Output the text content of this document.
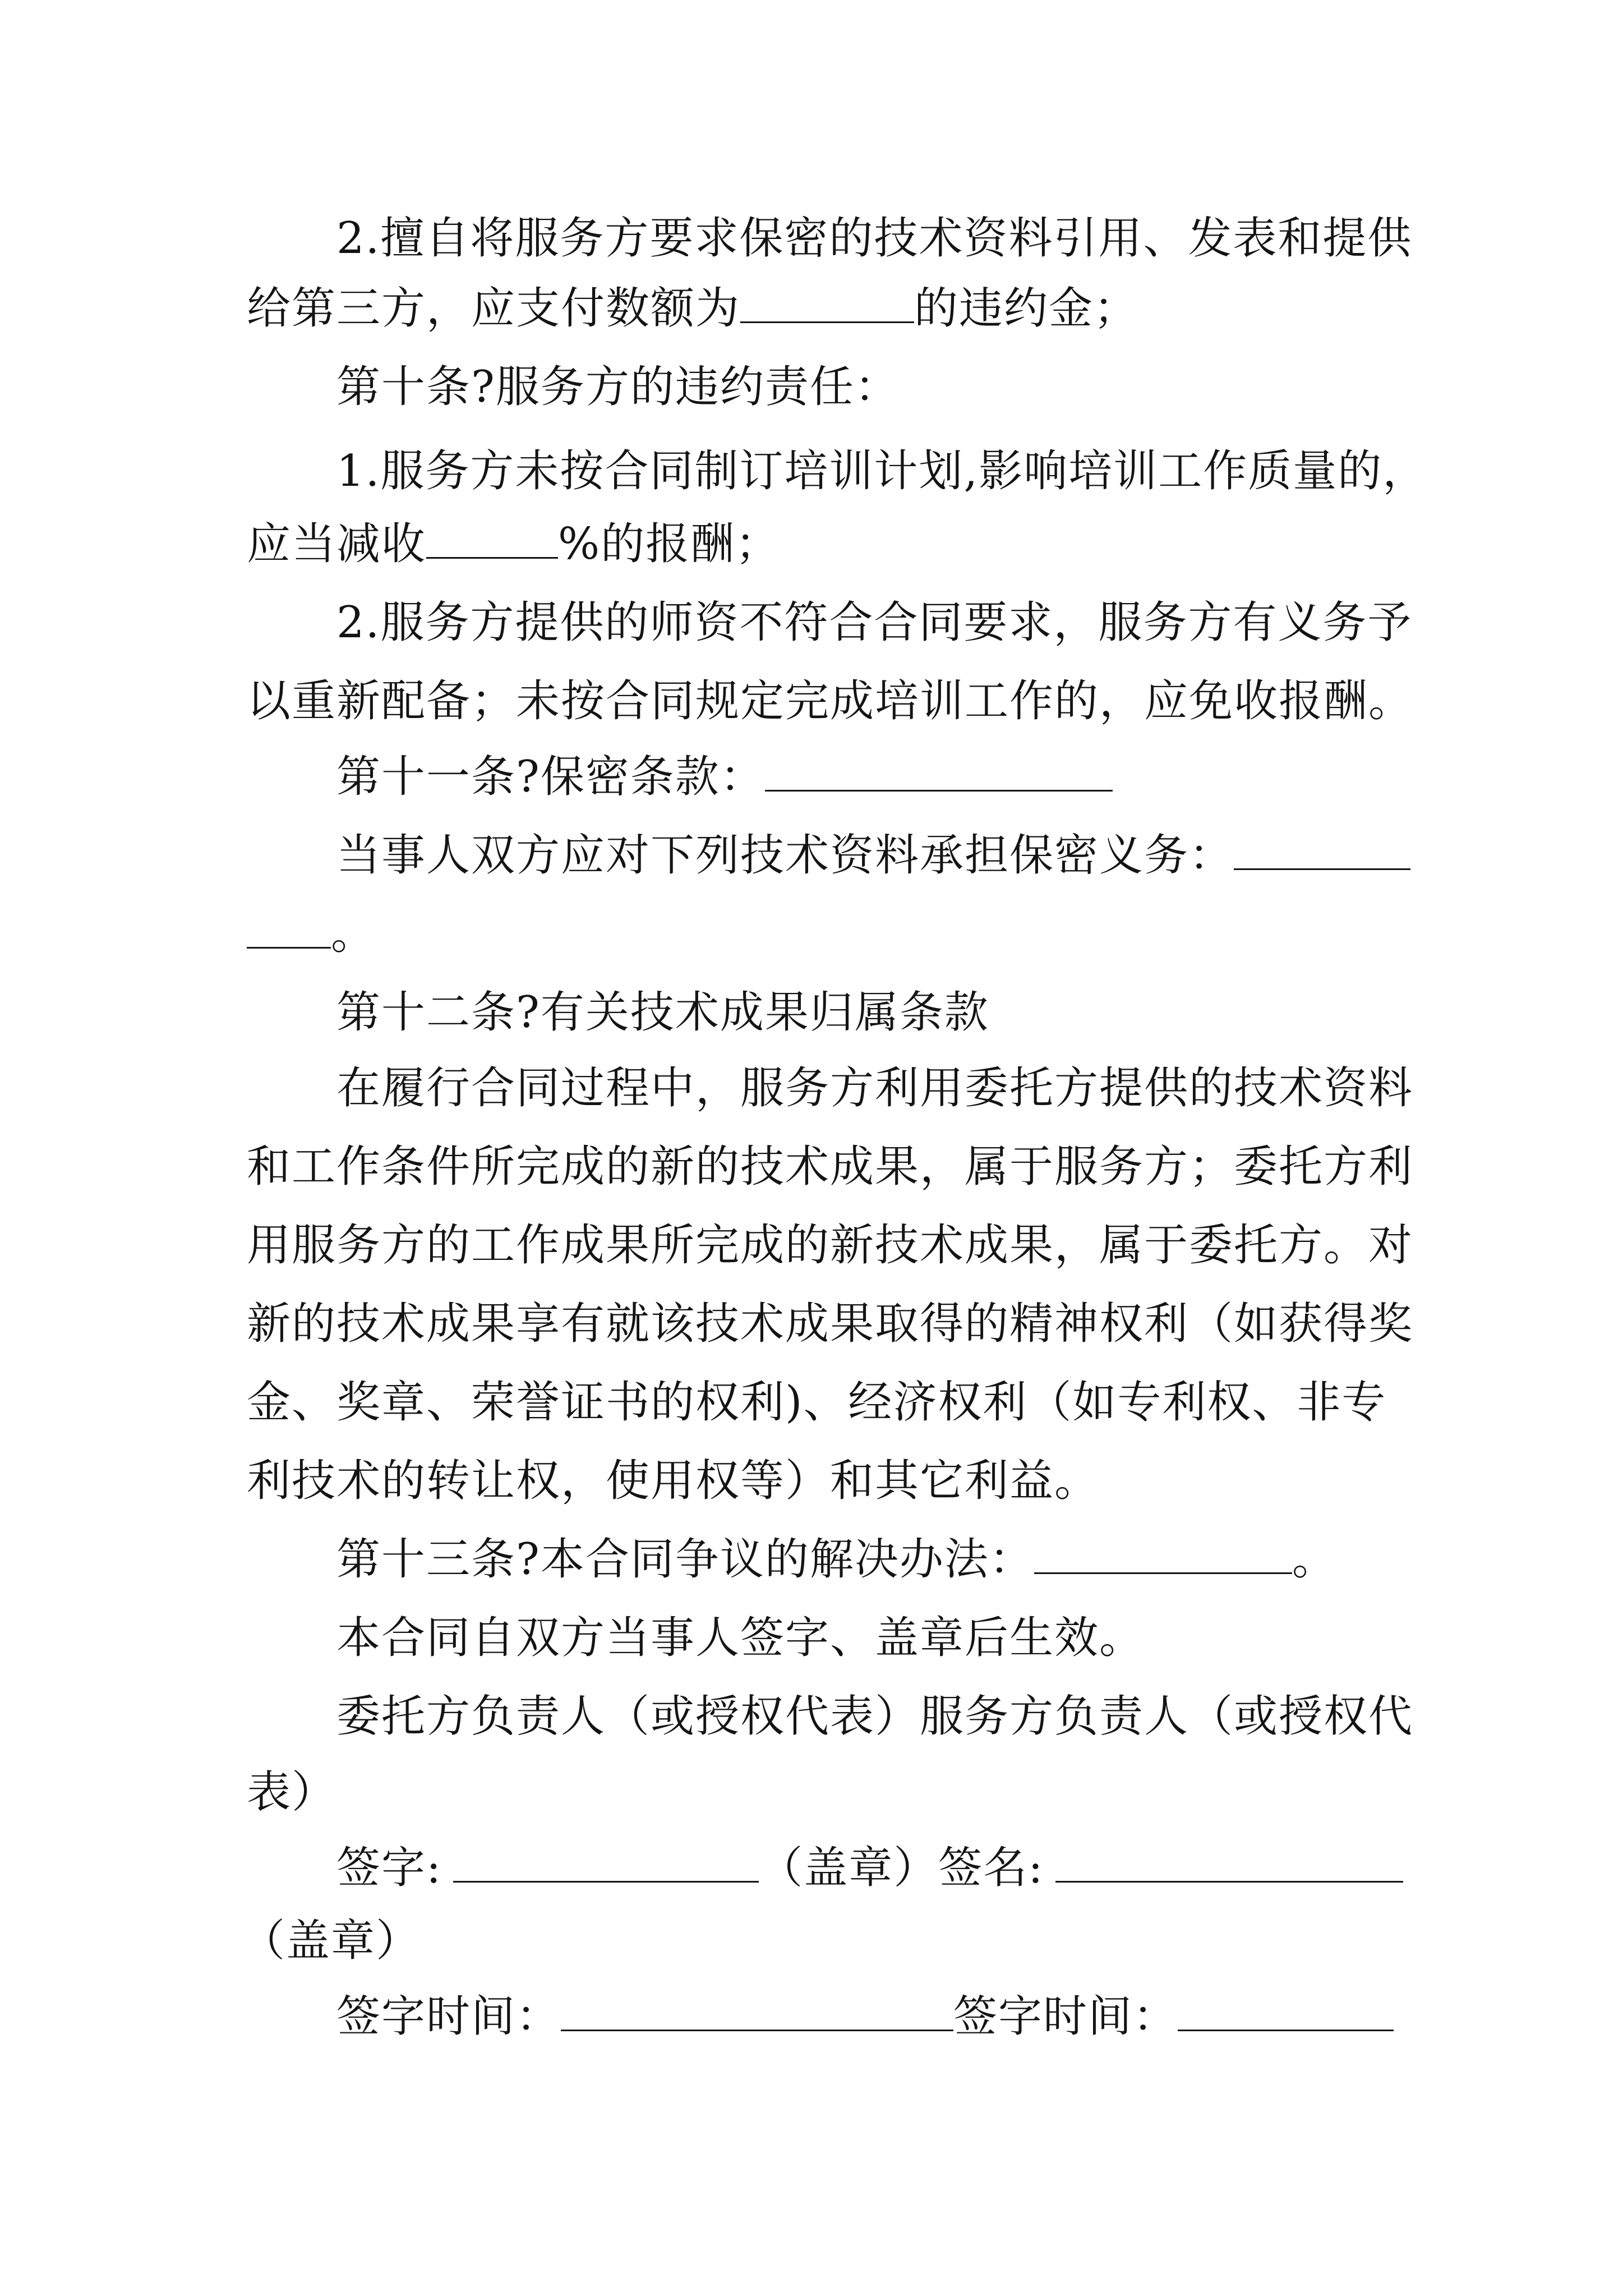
2.擅自将服务方要求保密的技术资料引用、发表和提供
给第三方，应支付数额为	的违约金；
第十条?服务方的违约责任：
1.服务方未按合同制订培训计划,影响培训工作质量的，
应当减收	%的报酬；
2.服务方提供的师资不符合合同要求，服务方有义务予
以重新配备；未按合同规定完成培训工作的，应免收报酬。
第十一条?保密条款：
当事人双方应对下列技术资料承担保密义务：
。
第十二条?有关技术成果归属条款
在履行合同过程中，服务方利用委托方提供的技术资料
和工作条件所完成的新的技术成果，属于服务方；委托方利
用服务方的工作成果所完成的新技术成果，属于委托方。对
新的技术成果享有就该技术成果取得的精神权利（如获得奖
金、奖章、荣誉证书的权利)、经济权利（如专利权、非专
利技术的转让权，使用权等）和其它利益。
第十三条?本合同争议的解决办法：	。
本合同自双方当事人签字、盖章后生效。
委托方负责人（或授权代表）服务方负责人（或授权代
表）
签字:	（盖章）签名:
（盖章）
签字时间：	签字时间：
